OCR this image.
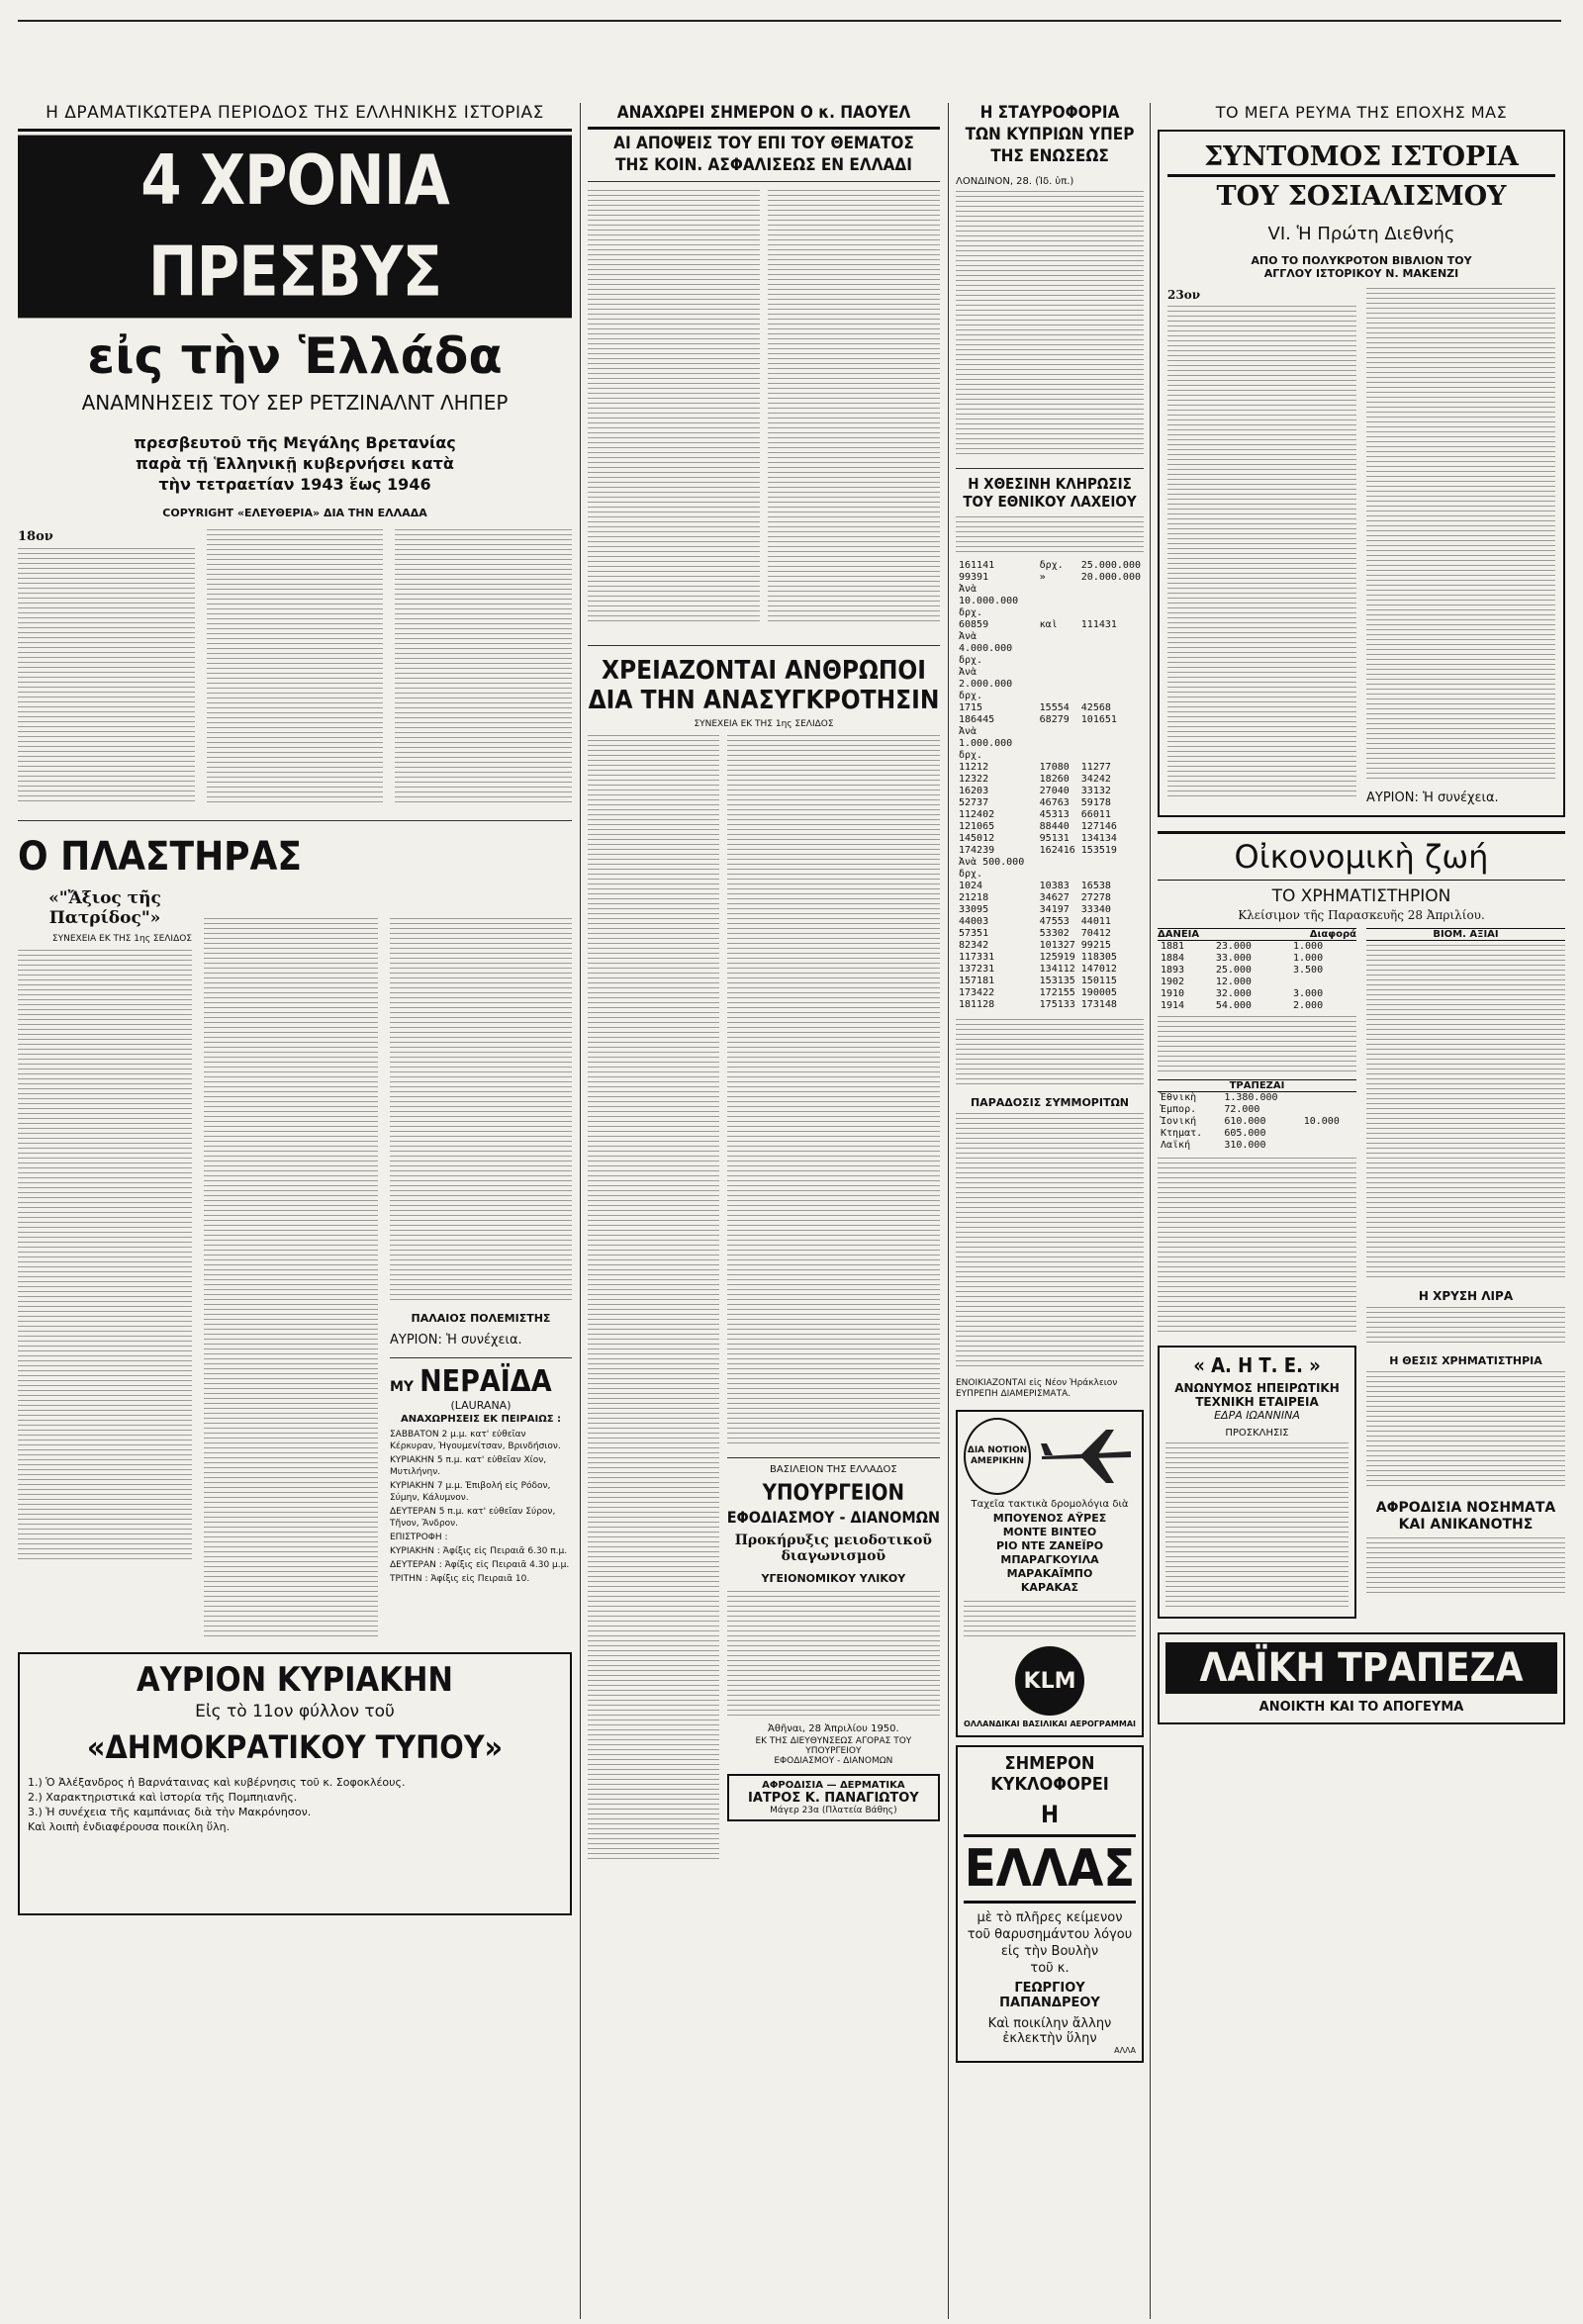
Η ΔΡΑΜΑΤΙΚΩΤΕΡΑ ΠΕΡΙΟΔΟΣ ΤΗΣ ΕΛΛΗΝΙΚΗΣ ΙΣΤΟΡΙΑΣ
4 ΧΡΟΝΙΑ ΠΡΕΣΒΥΣ
εἰς τὴν Ἑλλάδα
ΑΝΑΜΝΗΣΕΙΣ ΤΟΥ ΣΕΡ ΡΕΤΖΙΝΑΛΝΤ ΛΗΠΕΡ
πρεσβευτοῦ τῆς Μεγάλης Βρετανίας παρὰ τῇ Ἑλληνικῇ κυβερνήσει κατὰ τὴν τετραετίαν 1943 ἕως 1946
COPYRIGHT «ΕΛΕΥΘΕΡΙΑ» ΔΙΑ ΤΗΝ ΕΛΛΑΔΑ
18ον
Ο ΠΛΑΣΤΗΡΑΣ
«"Ἄξιος τῆς Πατρίδος"»
ΣΥΝΕΧΕΙΑ ΕΚ ΤΗΣ 1ης ΣΕΛΙΔΟΣ
ΠΑΛΑΙΟΣ ΠΟΛΕΜΙΣΤΗΣ
ΑΥΡΙΟΝ: Ἡ συνέχεια.
ΜΥ ΝΕΡΑΪΔΑ
(LAURANA)
ΑΝΑΧΩΡΗΣΕΙΣ ΕΚ ΠΕΙΡΑΙΩΣ :
ΣΑΒΒΑΤΟΝ 2 μ.μ. κατ' εὐθεῖαν Κέρκυραν, Ἠγουμενίτσαν, Βρινδήσιον.
ΚΥΡΙΑΚΗΝ 5 π.μ. κατ' εὐθεῖαν Χίον, Μυτιλήνην.
ΚΥΡΙΑΚΗΝ 7 μ.μ. Ἐπιβολή εἰς Ρόδον, Σύμην, Κάλυμνον.
ΔΕΥΤΕΡΑΝ 5 π.μ. κατ' εὐθεῖαν Σύρον, Τῆνον, Ἄνδρον.
ΕΠΙΣΤΡΟΦΗ :
ΚΥΡΙΑΚΗΝ : Ἀφίξις εἰς Πειραιᾶ 6.30 π.μ.
ΔΕΥΤΕΡΑΝ : Ἀφίξις εἰς Πειραιᾶ 4.30 μ.μ.
ΤΡΙΤΗΝ : Ἀφίξις εἰς Πειραιᾶ 10.
ΑΥΡΙΟΝ ΚΥΡΙΑΚΗΝ
Εἰς τὸ 11ον φύλλον τοῦ
«ΔΗΜΟΚΡΑΤΙΚΟΥ ΤΥΠΟΥ»
1.) Ὁ Ἀλέξανδρος ἡ Βαρνάταινας καὶ κυβέρνησις τοῦ κ. Σοφοκλέους.
2.) Χαρακτηριστικά καὶ ἱστορία τῆς Πομπηιανῆς.
3.) Ἡ συνέχεια τῆς καμπάνιας διὰ τὴν Μακρόνησον.
Καὶ λοιπὴ ἐνδιαφέρουσα ποικίλη ὕλη.
ΑΝΑΧΩΡΕΙ ΣΗΜΕΡΟΝ Ο κ. ΠΑΟΥΕΛ
ΑΙ ΑΠΟΨΕΙΣ ΤΟΥ ΕΠΙ ΤΟΥ ΘΕΜΑΤΟΣ
ΤΗΣ ΚΟΙΝ. ΑΣΦΑΛΙΣΕΩΣ ΕΝ ΕΛΛΑΔΙ
ΧΡΕΙΑΖΟΝΤΑΙ ΑΝΘΡΩΠΟΙ
ΔΙΑ ΤΗΝ ΑΝΑΣΥΓΚΡΟΤΗΣΙΝ
ΣΥΝΕΧΕΙΑ ΕΚ ΤΗΣ 1ης ΣΕΛΙΔΟΣ
ΒΑΣΙΛΕΙΟΝ ΤΗΣ ΕΛΛΑΔΟΣ
ΥΠΟΥΡΓΕΙΟΝ
ΕΦΟΔΙΑΣΜΟΥ - ΔΙΑΝΟΜΩΝ
Προκήρυξις μειοδοτικοῦ διαγωνισμοῦ
ΥΓΕΙΟΝΟΜΙΚΟΥ ΥΛΙΚΟΥ
Ἀθῆναι, 28 Ἀπριλίου 1950.
ΕΚ ΤΗΣ ΔΙΕΥΘΥΝΣΕΩΣ ΑΓΟΡΑΣ ΤΟΥ ΥΠΟΥΡΓΕΙΟΥ
ΕΦΟΔΙΑΣΜΟΥ - ΔΙΑΝΟΜΩΝ
ΑΦΡΟΔΙΣΙΑ — ΔΕΡΜΑΤΙΚΑ
ΙΑΤΡΟΣ Κ. ΠΑΝΑΓΙΩΤΟΥ
Μάγερ 23α (Πλατεία Βάθης)
Η ΣΤΑΥΡΟΦΟΡΙΑ
ΤΩΝ ΚΥΠΡΙΩΝ ΥΠΕΡ
ΤΗΣ ΕΝΩΣΕΩΣ
ΛΟΝΔΙΝΟΝ, 28. (Ἰδ. ὑπ.)
Η ΧΘΕΣΙΝΗ ΚΛΗΡΩΣΙΣ
ΤΟΥ ΕΘΝΙΚΟΥ ΛΑΧΕΙΟΥ
161141	δρχ.	25.000.000
99391	»	20.000.000
Ἀνὰ 10.000.000 δρχ.		
60859	καὶ	111431
Ἀνὰ 4.000.000 δρχ.		
Ἀνὰ 2.000.000 δρχ.		
1715	15554	42568
186445	68279	101651
Ἀνὰ 1.000.000 δρχ.		
11212	17080	11277
12322	18260	34242
16203	27040	33132
52737	46763	59178
112402	45313	66011
121065	88440	127146
145012	95131	134134
174239	162416	153519
Ἀνὰ 500.000 δρχ.		
1024	10383	16538
21218	34627	27278
33095	34197	33340
44003	47553	44011
57351	53302	70412
82342	101327	99215
117331	125919	118305
137231	134112	147012
157181	153135	150115
173422	172155	190005
181128	175133	173148
ΠΑΡΑΔΟΣΙΣ ΣΥΜΜΟΡΙΤΩΝ
ΕΝΟΙΚΙΑΖΟΝΤΑΙ εἰς Νέον Ἡράκλειον ΕΥΠΡΕΠΗ ΔΙΑΜΕΡΙΣΜΑΤΑ.
ΔΙΑ ΝΟΤΙΟΝ ΑΜΕΡΙΚΗΝ
Ταχεῖα τακτικὰ δρομολόγια διὰ
ΜΠΟΥΕΝΟΣ ΑΫΡΕΣ
ΜΟΝΤΕ ΒΙΝΤΕΟ
ΡΙΟ ΝΤΕ ΖΑΝΕΪΡΟ
ΜΠΑΡΑΓΚΟΥΙΛΑ
ΜΑΡΑΚΑΪΜΠΟ
ΚΑΡΑΚΑΣ
KLM
ΟΛΛΑΝΔΙΚΑΙ ΒΑΣΙΛΙΚΑΙ ΑΕΡΟΓΡΑΜΜΑΙ
ΣΗΜΕΡΟΝ ΚΥΚΛΟΦΟΡΕΙ
Η
ΕΛΛΑΣ
μὲ τὸ πλῆρες κείμενον τοῦ θαρυσημάντου λόγου εἰς τὴν Βουλὴν
τοῦ κ.
ΓΕΩΡΓΙΟΥ ΠΑΠΑΝΔΡΕΟΥ
Καὶ ποικίλην ἄλλην ἐκλεκτὴν ὕλην
ΑΛΛΑ
ΤΟ ΜΕΓΑ ΡΕΥΜΑ ΤΗΣ ΕΠΟΧΗΣ ΜΑΣ
ΣΥΝΤΟΜΟΣ ΙΣΤΟΡΙΑ
ΤΟΥ ΣΟΣΙΑΛΙΣΜΟΥ
VI. Ἡ Πρώτη Διεθνής
ΑΠΟ ΤΟ ΠΟΛΥΚΡΟΤΟΝ ΒΙΒΛΙΟΝ ΤΟΥ
ΑΓΓΛΟΥ ΙΣΤΟΡΙΚΟΥ Ν. ΜΑΚΕΝΖΙ
23ον
ΑΥΡΙΟΝ: Ἡ συνέχεια.
Οἰκονομικὴ ζωή
ΤΟ ΧΡΗΜΑΤΙΣΤΗΡΙΟΝ
Κλείσιμον τῆς Παρασκευῆς 28 Ἀπριλίου.
ΔΑΝΕΙΑ	Διαφορά
1881	23.000	1.000
1884	33.000	1.000
1893	25.000	3.500
1902	12.000	
1910	32.000	3.000
1914	54.000	2.000
ΤΡΑΠΕΖΑΙ
Ἐθνικὴ	1.380.000	
Ἐμπορ.	72.000	
Ἰονική	610.000	10.000
Κτηματ.	605.000	
Λαϊκή	310.000	
« Α. Η Τ. Ε. »
ΑΝΩΝΥΜΟΣ ΗΠΕΙΡΩΤΙΚΗ
ΤΕΧΝΙΚΗ ΕΤΑΙΡΕΙΑ
ΕΔΡΑ ΙΩΑΝΝΙΝΑ
ΠΡΟΣΚΛΗΣΙΣ
ΒΙΟΜ. ΑΞΙΑΙ
Η ΧΡΥΣΗ ΛΙΡΑ
Η ΘΕΣΙΣ ΧΡΗΜΑΤΙΣΤΗΡΙΑ
ΑΦΡΟΔΙΣΙΑ ΝΟΣΗΜΑΤΑ ΚΑΙ ΑΝΙΚΑΝΟΤΗΣ
ΛΑΪΚΗ ΤΡΑΠΕΖΑ
ΑΝΟΙΚΤΗ ΚΑΙ ΤΟ ΑΠΟΓΕΥΜΑ
